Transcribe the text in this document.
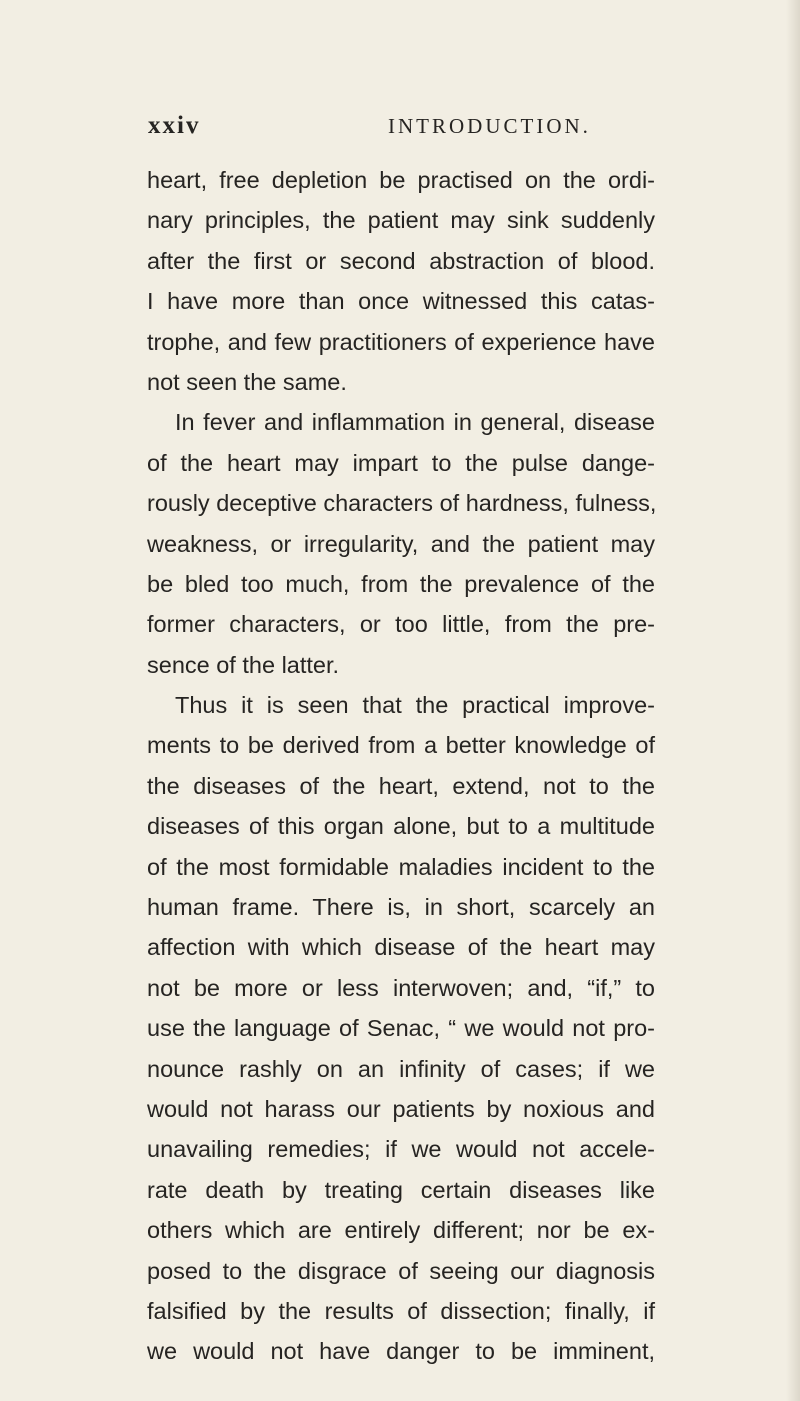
xxiv	INTRODUCTION.
heart, free depletion be practised on the ordi-
nary principles, the patient may sink suddenly
after the first or second abstraction of blood.
I have more than once witnessed this catas-
trophe, and few practitioners of experience have
not seen the same.
In fever and inflammation in general, disease
of the heart may impart to the pulse dange-
rously deceptive characters of hardness, fulness,
weakness, or irregularity, and the patient may
be bled too much, from the prevalence of the
former characters, or too little, from the pre-
sence of the latter.
Thus it is seen that the practical improve-
ments to be derived from a better knowledge of
the diseases of the heart, extend, not to the
diseases of this organ alone, but to a multitude
of the most formidable maladies incident to the
human frame. There is, in short, scarcely an
affection with which disease of the heart may
not be more or less interwoven; and, “if,” to
use the language of Senac, “ we would not pro-
nounce rashly on an infinity of cases; if we
would not harass our patients by noxious and
unavailing remedies; if we would not accele-
rate death by treating certain diseases like
others which are entirely different; nor be ex-
posed to the disgrace of seeing our diagnosis
falsified by the results of dissection; finally, if
we would not have danger to be imminent,
